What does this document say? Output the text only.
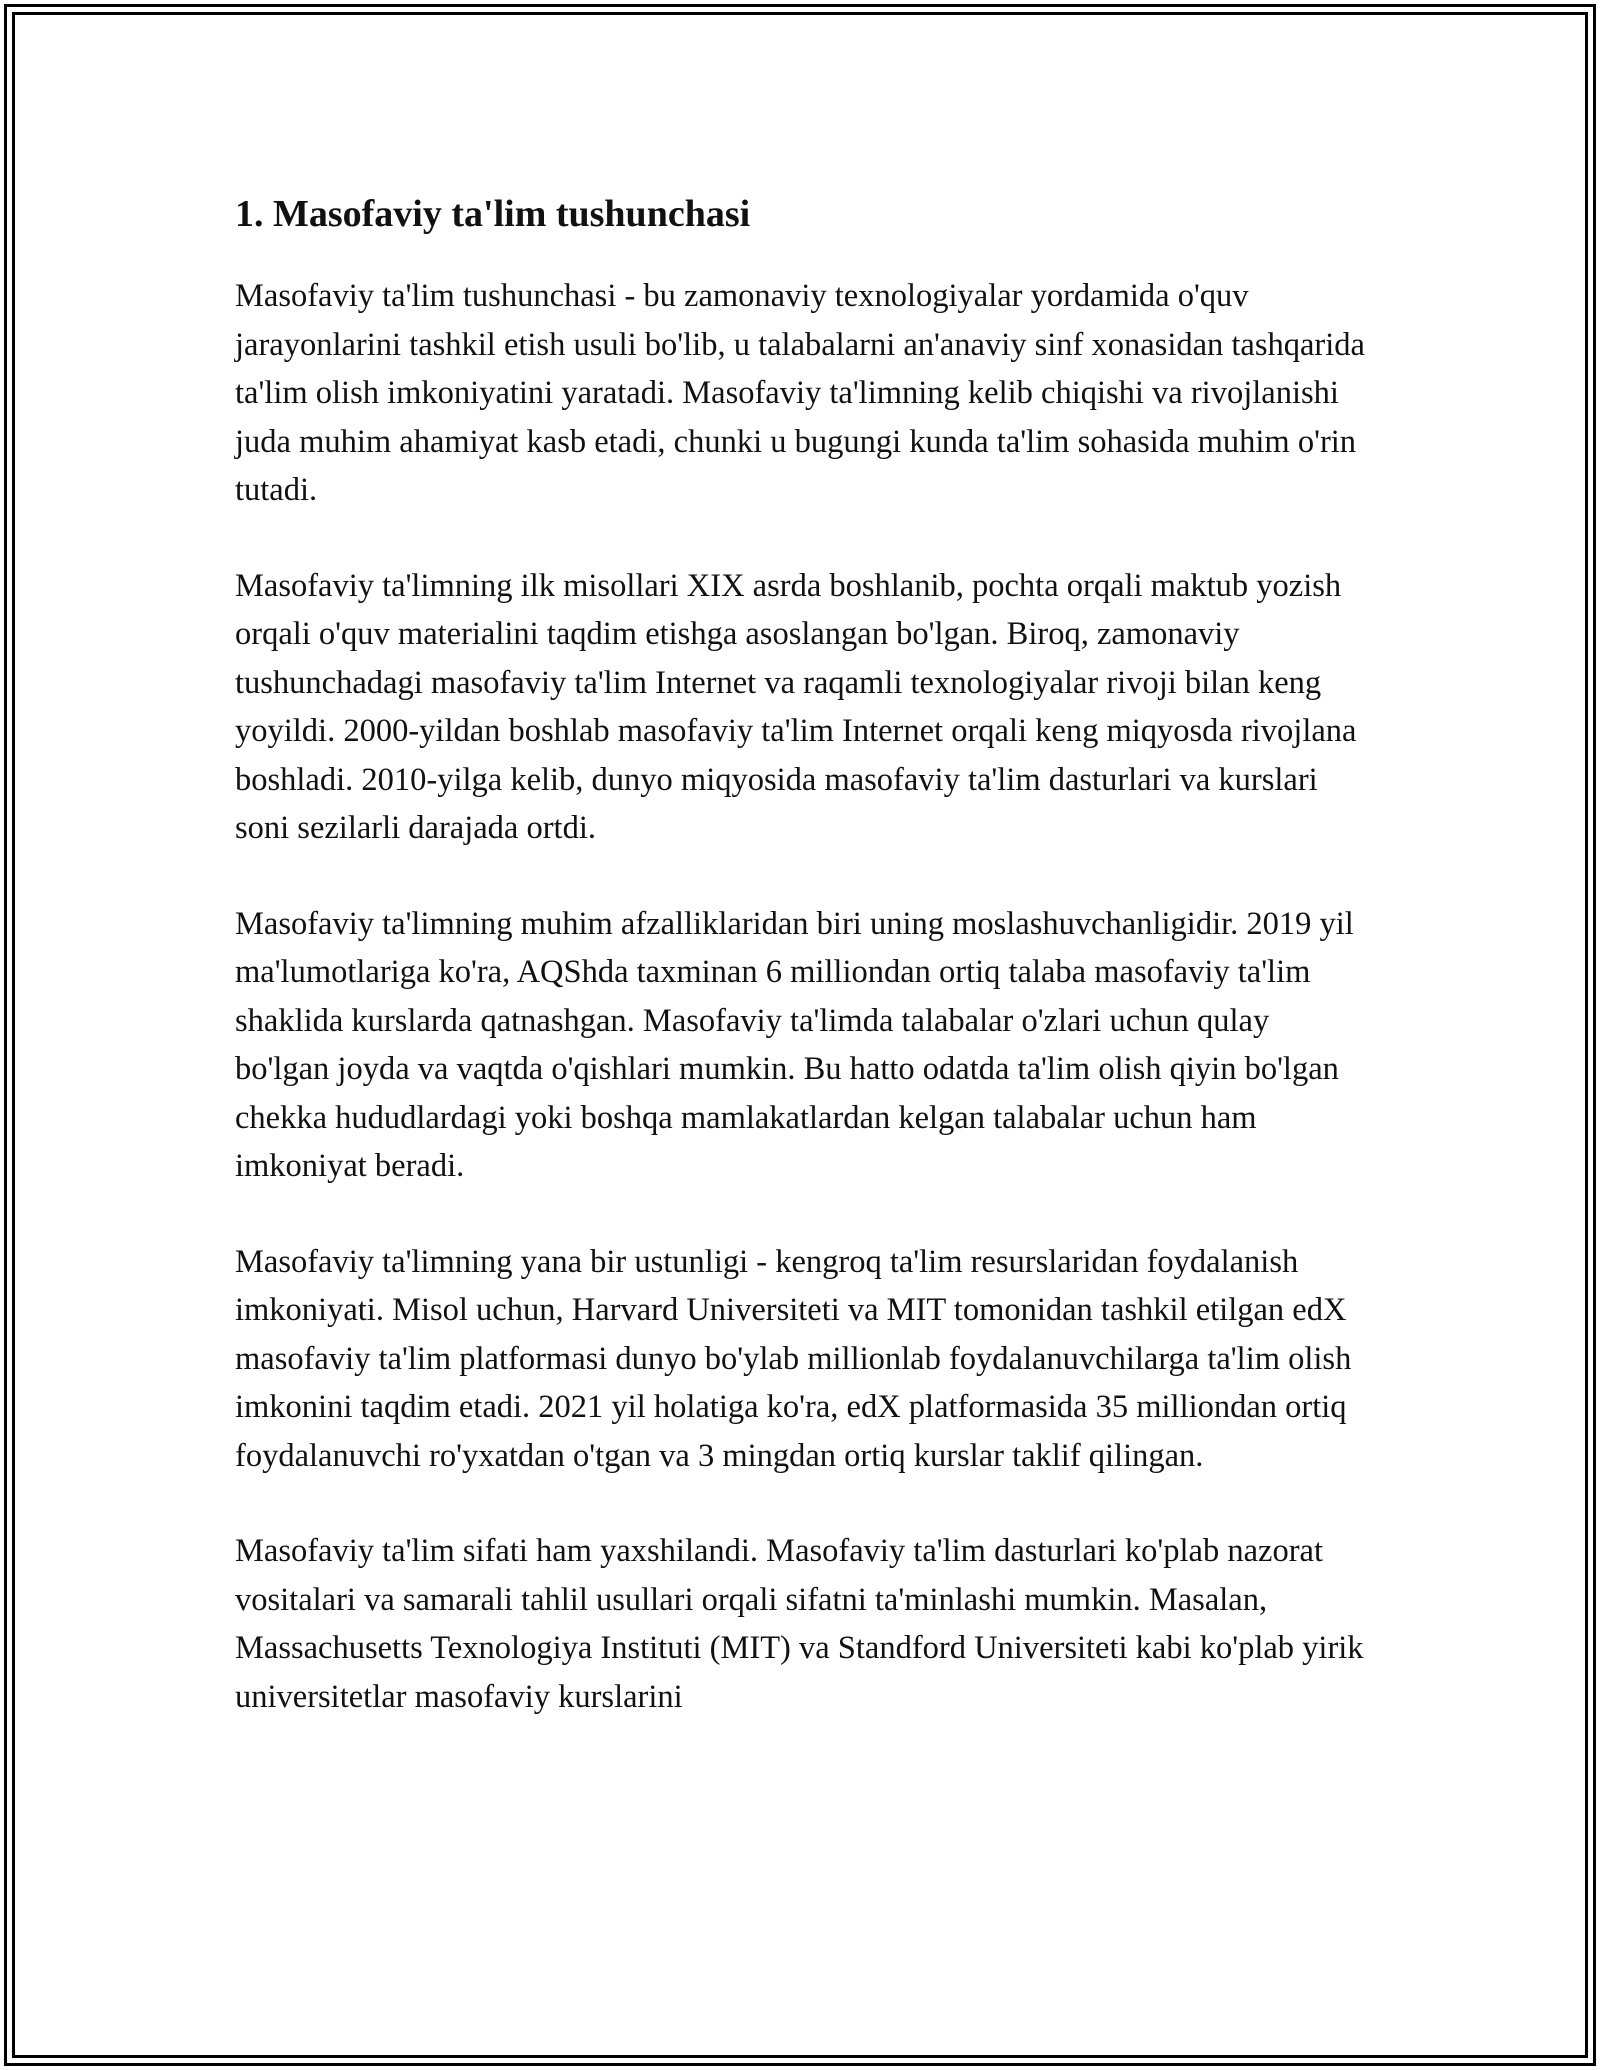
1. Masofaviy ta'lim tushunchasi

Masofaviy ta'lim tushunchasi - bu zamonaviy texnologiyalar yordamida o'quv jarayonlarini tashkil etish usuli bo'lib, u talabalarni an'anaviy sinf xonasidan tashqarida ta'lim olish imkoniyatini yaratadi. Masofaviy ta'limning kelib chiqishi va rivojlanishi juda muhim ahamiyat kasb etadi, chunki u bugungi kunda ta'lim sohasida muhim o'rin tutadi.

Masofaviy ta'limning ilk misollari XIX asrda boshlanib, pochta orqali maktub yozish orqali o'quv materialini taqdim etishga asoslangan bo'lgan. Biroq, zamonaviy tushunchadagi masofaviy ta'lim Internet va raqamli texnologiyalar rivoji bilan keng yoyildi. 2000-yildan boshlab masofaviy ta'lim Internet orqali keng miqyosda rivojlana boshladi. 2010-yilga kelib, dunyo miqyosida masofaviy ta'lim dasturlari va kurslari soni sezilarli darajada ortdi.

Masofaviy ta'limning muhim afzalliklaridan biri uning moslashuvchanligidir. 2019 yil ma'lumotlariga ko'ra, AQShda taxminan 6 milliondan ortiq talaba masofaviy ta'lim shaklida kurslarda qatnashgan. Masofaviy ta'limda talabalar o'zlari uchun qulay bo'lgan joyda va vaqtda o'qishlari mumkin. Bu hatto odatda ta'lim olish qiyin bo'lgan chekka hududlardagi yoki boshqa mamlakatlardan kelgan talabalar uchun ham imkoniyat beradi.

Masofaviy ta'limning yana bir ustunligi - kengroq ta'lim resurslaridan foydalanish imkoniyati. Misol uchun, Harvard Universiteti va MIT tomonidan tashkil etilgan edX masofaviy ta'lim platformasi dunyo bo'ylab millionlab foydalanuvchilarga ta'lim olish imkonini taqdim etadi. 2021 yil holatiga ko'ra, edX platformasida 35 milliondan ortiq foydalanuvchi ro'yxatdan o'tgan va 3 mingdan ortiq kurslar taklif qilingan.

Masofaviy ta'lim sifati ham yaxshilandi. Masofaviy ta'lim dasturlari ko'plab nazorat vositalari va samarali tahlil usullari orqali sifatni ta'minlashi mumkin. Masalan, Massachusetts Texnologiya Instituti (MIT) va Standford Universiteti kabi ko'plab yirik universitetlar masofaviy kurslarini
